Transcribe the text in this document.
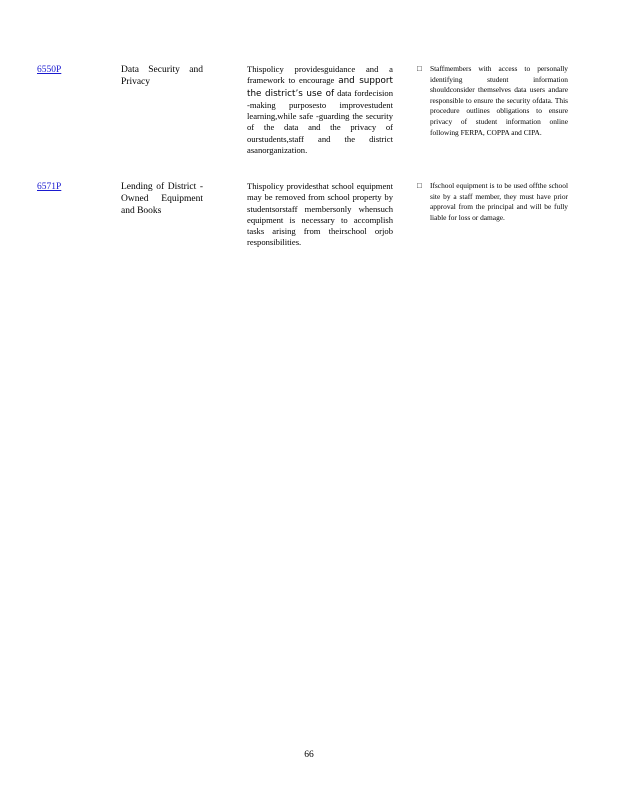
6550P	Data Security and Privacy
Thispolicy providesguidance and a framework to encourage and support the district’s use of data fordecision -making purposesto improvestudent learning,while safe -guarding the security of the data and the privacy of ourstudents,staff and the district asanorganization.
□ Staffmembers with access to personally identifying student information shouldconsider themselves data users andare responsible to ensure the security ofdata. This procedure outlines obligations to ensure privacy of student information online following FERPA, COPPA and CIPA.
6571P	Lending of District -Owned Equipment and Books
Thispolicy providesthat school equipment may be removed from school property by studentsorstaff membersonly whensuch equipment is necessary to accomplish tasks arising from theirschool orjob responsibilities.
□ Ifschool equipment is to be used offthe school site by a staff member, they must have prior approval from the principal and will be fully liable for loss or damage.
66
